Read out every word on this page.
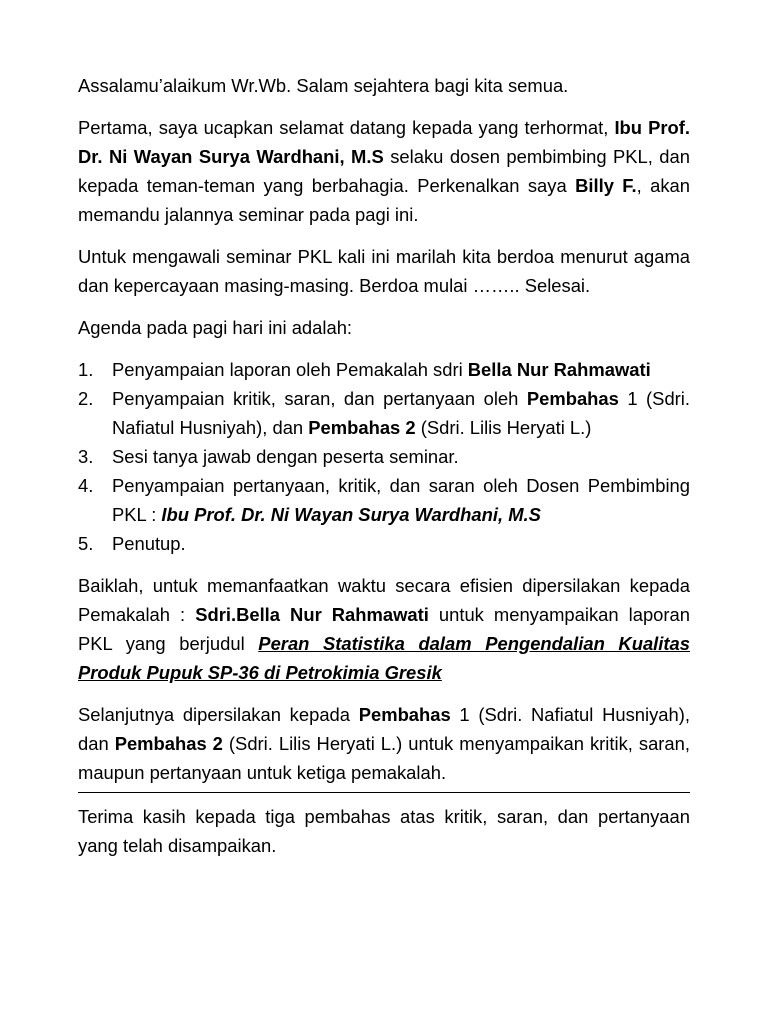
Assalamu’alaikum Wr.Wb. Salam sejahtera bagi kita semua.

Pertama, saya ucapkan selamat datang kepada yang terhormat, Ibu Prof. Dr. Ni Wayan Surya Wardhani, M.S selaku dosen pembimbing PKL, dan kepada teman-teman yang berbahagia. Perkenalkan saya Billy F., akan memandu jalannya seminar pada pagi ini.

Untuk mengawali seminar PKL kali ini marilah kita berdoa menurut agama dan kepercayaan masing-masing. Berdoa mulai …….. Selesai.

Agenda pada pagi hari ini adalah:

1. Penyampaian laporan oleh Pemakalah sdri Bella Nur Rahmawati
2. Penyampaian kritik, saran, dan pertanyaan oleh Pembahas 1 (Sdri. Nafiatul Husniyah), dan Pembahas 2 (Sdri. Lilis Heryati L.)
3. Sesi tanya jawab dengan peserta seminar.
4. Penyampaian pertanyaan, kritik, dan saran oleh Dosen Pembimbing PKL : Ibu Prof. Dr. Ni Wayan Surya Wardhani, M.S
5. Penutup.

Baiklah, untuk memanfaatkan waktu secara efisien dipersilakan kepada Pemakalah : Sdri.Bella Nur Rahmawati untuk menyampaikan laporan PKL yang berjudul Peran Statistika dalam Pengendalian Kualitas Produk Pupuk SP-36 di Petrokimia Gresik

Selanjutnya dipersilakan kepada Pembahas 1 (Sdri. Nafiatul Husniyah), dan Pembahas 2 (Sdri. Lilis Heryati L.) untuk menyampaikan kritik, saran, maupun pertanyaan untuk ketiga pemakalah.

Terima kasih kepada tiga pembahas atas kritik, saran, dan pertanyaan yang telah disampaikan.
